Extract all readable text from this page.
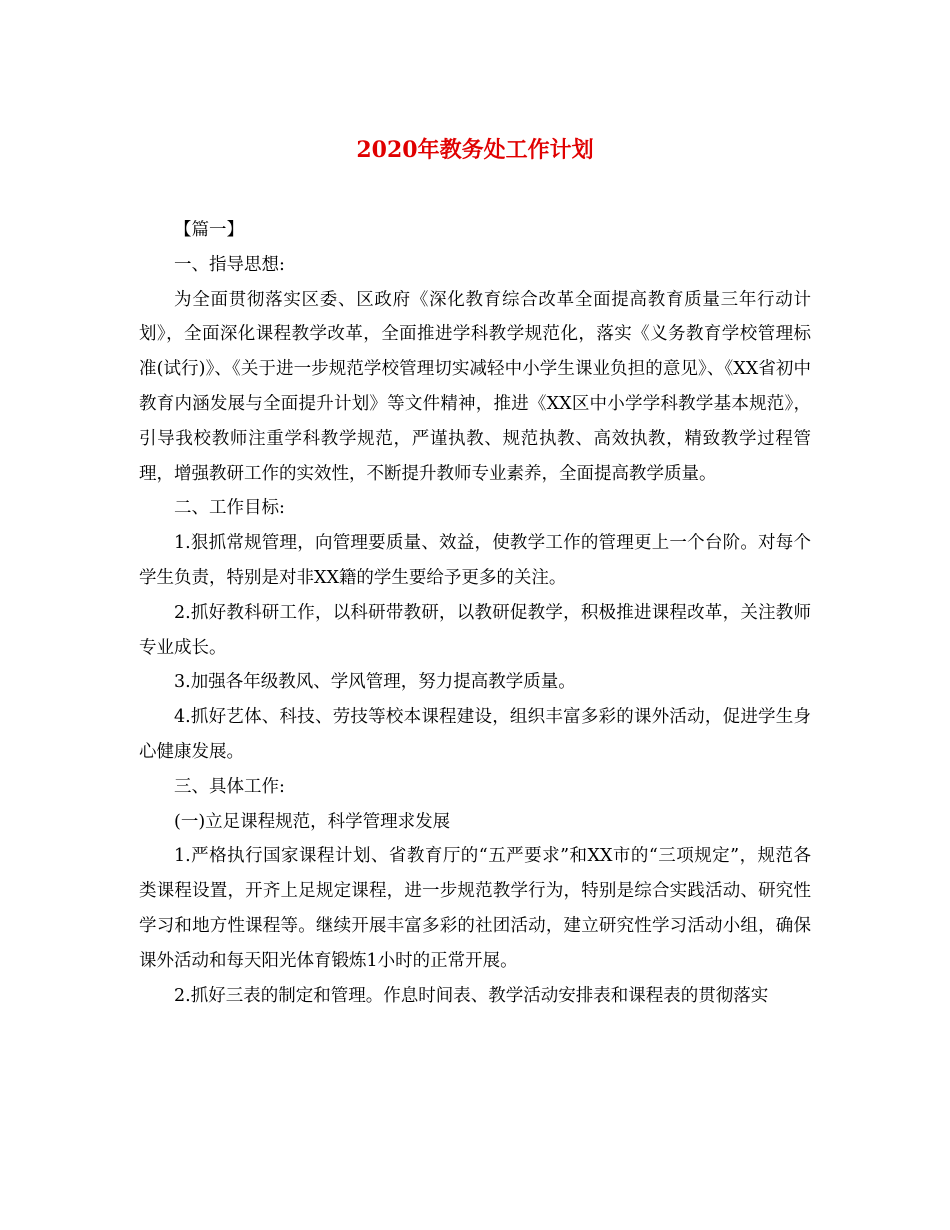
2020年教务处工作计划

【篇一】

一、指导思想:

为全面贯彻落实区委、区政府《深化教育综合改革全面提高教育质量三年行动计划》，全面深化课程教学改革，全面推进学科教学规范化，落实《义务教育学校管理标准(试行)》、《关于进一步规范学校管理切实减轻中小学生课业负担的意见》、《XX省初中教育内涵发展与全面提升计划》等文件精神，推进《XX区中小学学科教学基本规范》，引导我校教师注重学科教学规范，严谨执教、规范执教、高效执教，精致教学过程管理，增强教研工作的实效性，不断提升教师专业素养，全面提高教学质量。

二、工作目标:

1.狠抓常规管理，向管理要质量、效益，使教学工作的管理更上一个台阶。对每个学生负责，特别是对非XX籍的学生要给予更多的关注。

2.抓好教科研工作，以科研带教研，以教研促教学，积极推进课程改革，关注教师专业成长。

3.加强各年级教风、学风管理，努力提高教学质量。

4.抓好艺体、科技、劳技等校本课程建设，组织丰富多彩的课外活动，促进学生身心健康发展。

三、具体工作:

(一)立足课程规范，科学管理求发展

1.严格执行国家课程计划、省教育厅的“五严要求”和XX市的“三项规定”，规范各类课程设置，开齐上足规定课程，进一步规范教学行为，特别是综合实践活动、研究性学习和地方性课程等。继续开展丰富多彩的社团活动，建立研究性学习活动小组，确保课外活动和每天阳光体育锻炼1小时的正常开展。

2.抓好三表的制定和管理。作息时间表、教学活动安排表和课程表的贯彻落实
